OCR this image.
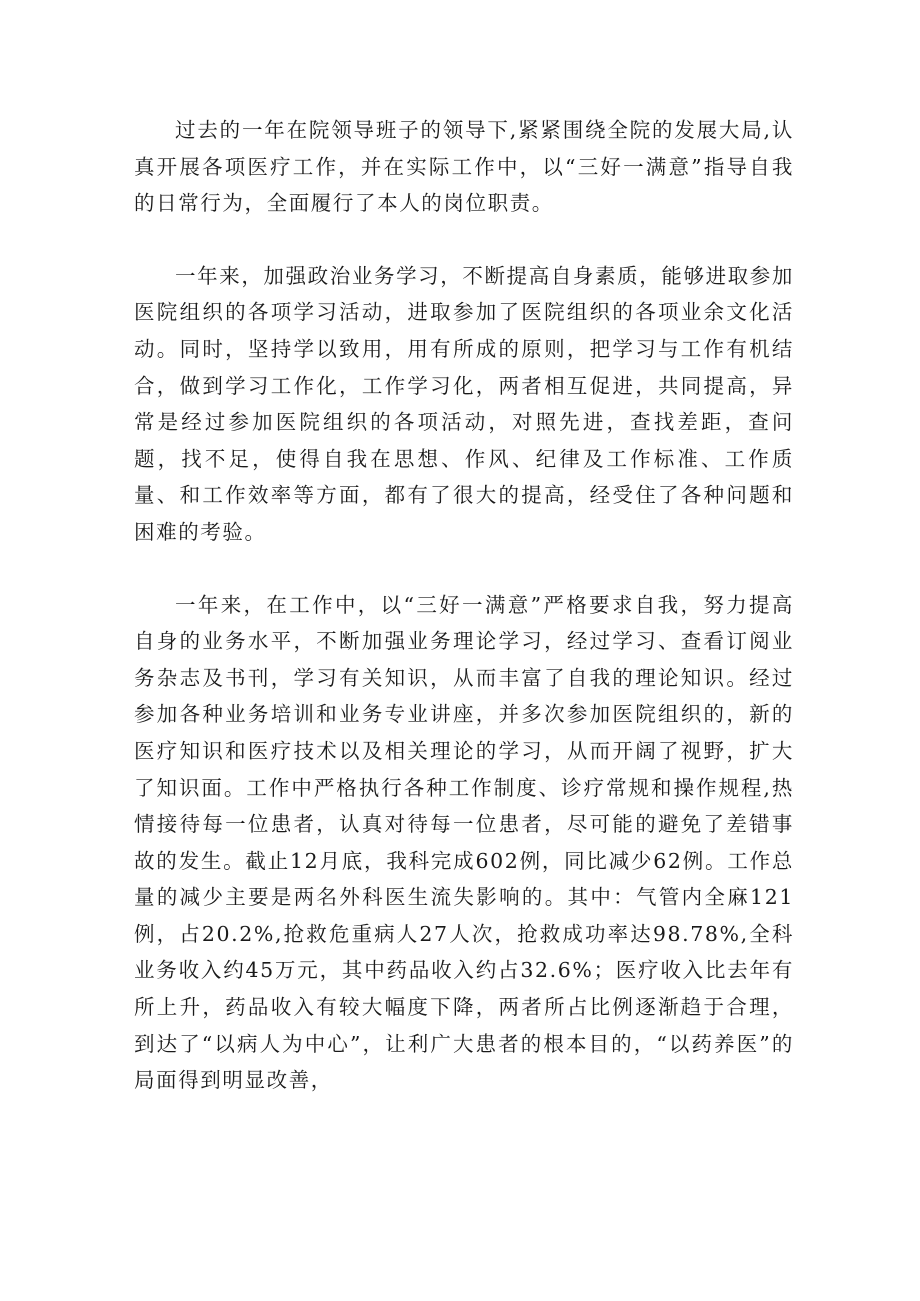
过去的一年在院领导班子的领导下,紧紧围绕全院的发展大局,认真开展各项医疗工作，并在实际工作中，以“三好一满意”指导自我的日常行为，全面履行了本人的岗位职责。

一年来，加强政治业务学习，不断提高自身素质，能够进取参加医院组织的各项学习活动，进取参加了医院组织的各项业余文化活动。同时，坚持学以致用，用有所成的原则，把学习与工作有机结合，做到学习工作化，工作学习化，两者相互促进，共同提高，异常是经过参加医院组织的各项活动，对照先进，查找差距，查问题，找不足，使得自我在思想、作风、纪律及工作标准、工作质量、和工作效率等方面，都有了很大的提高，经受住了各种问题和困难的考验。

一年来，在工作中，以“三好一满意”严格要求自我，努力提高自身的业务水平，不断加强业务理论学习，经过学习、查看订阅业务杂志及书刊，学习有关知识，从而丰富了自我的理论知识。经过参加各种业务培训和业务专业讲座，并多次参加医院组织的，新的医疗知识和医疗技术以及相关理论的学习，从而开阔了视野，扩大了知识面。工作中严格执行各种工作制度、诊疗常规和操作规程,热情接待每一位患者，认真对待每一位患者，尽可能的避免了差错事故的发生。截止12月底，我科完成602例，同比减少62例。工作总量的减少主要是两名外科医生流失影响的。其中：气管内全麻121例，占20.2%,抢救危重病人27人次，抢救成功率达98.78%,全科业务收入约45万元，其中药品收入约占32.6%；医疗收入比去年有所上升，药品收入有较大幅度下降，两者所占比例逐渐趋于合理，到达了“以病人为中心”，让利广大患者的根本目的，“以药养医”的局面得到明显改善，
